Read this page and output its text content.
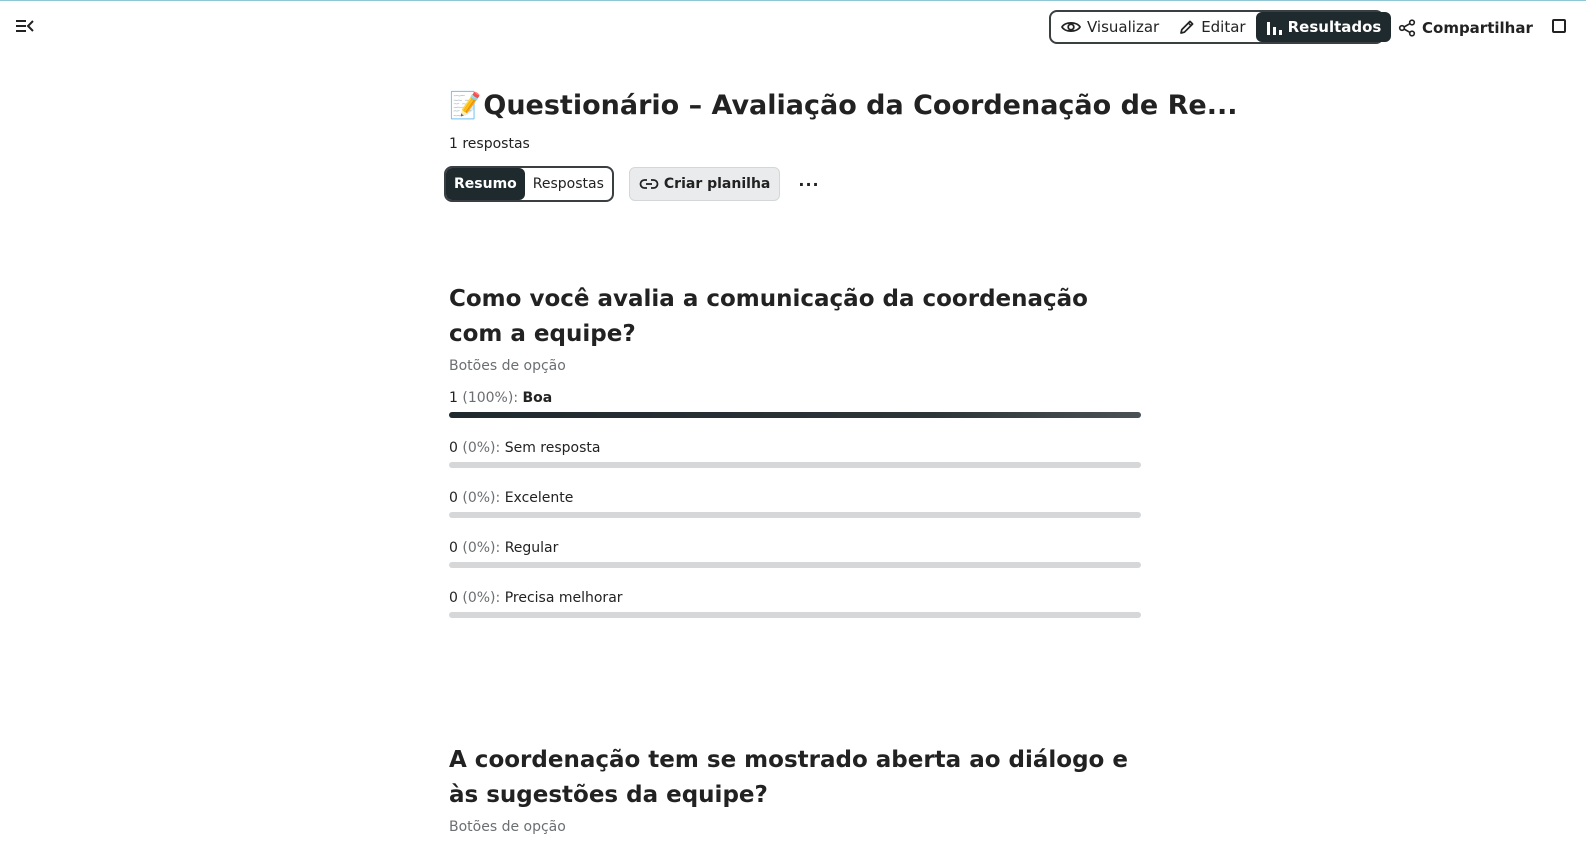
Visualizar	Editar	Resultados	Compartilhar
📝 Questionário – Avaliação da Coordenação de Re...
1 respostas
Resumo	Respostas	Criar planilha	···
Como você avalia a comunicação da coordenação com a equipe?
Botões de opção
1 (100%): Boa
0 (0%): Sem resposta
0 (0%): Excelente
0 (0%): Regular
0 (0%): Precisa melhorar
A coordenação tem se mostrado aberta ao diálogo e às sugestões da equipe?
Botões de opção
